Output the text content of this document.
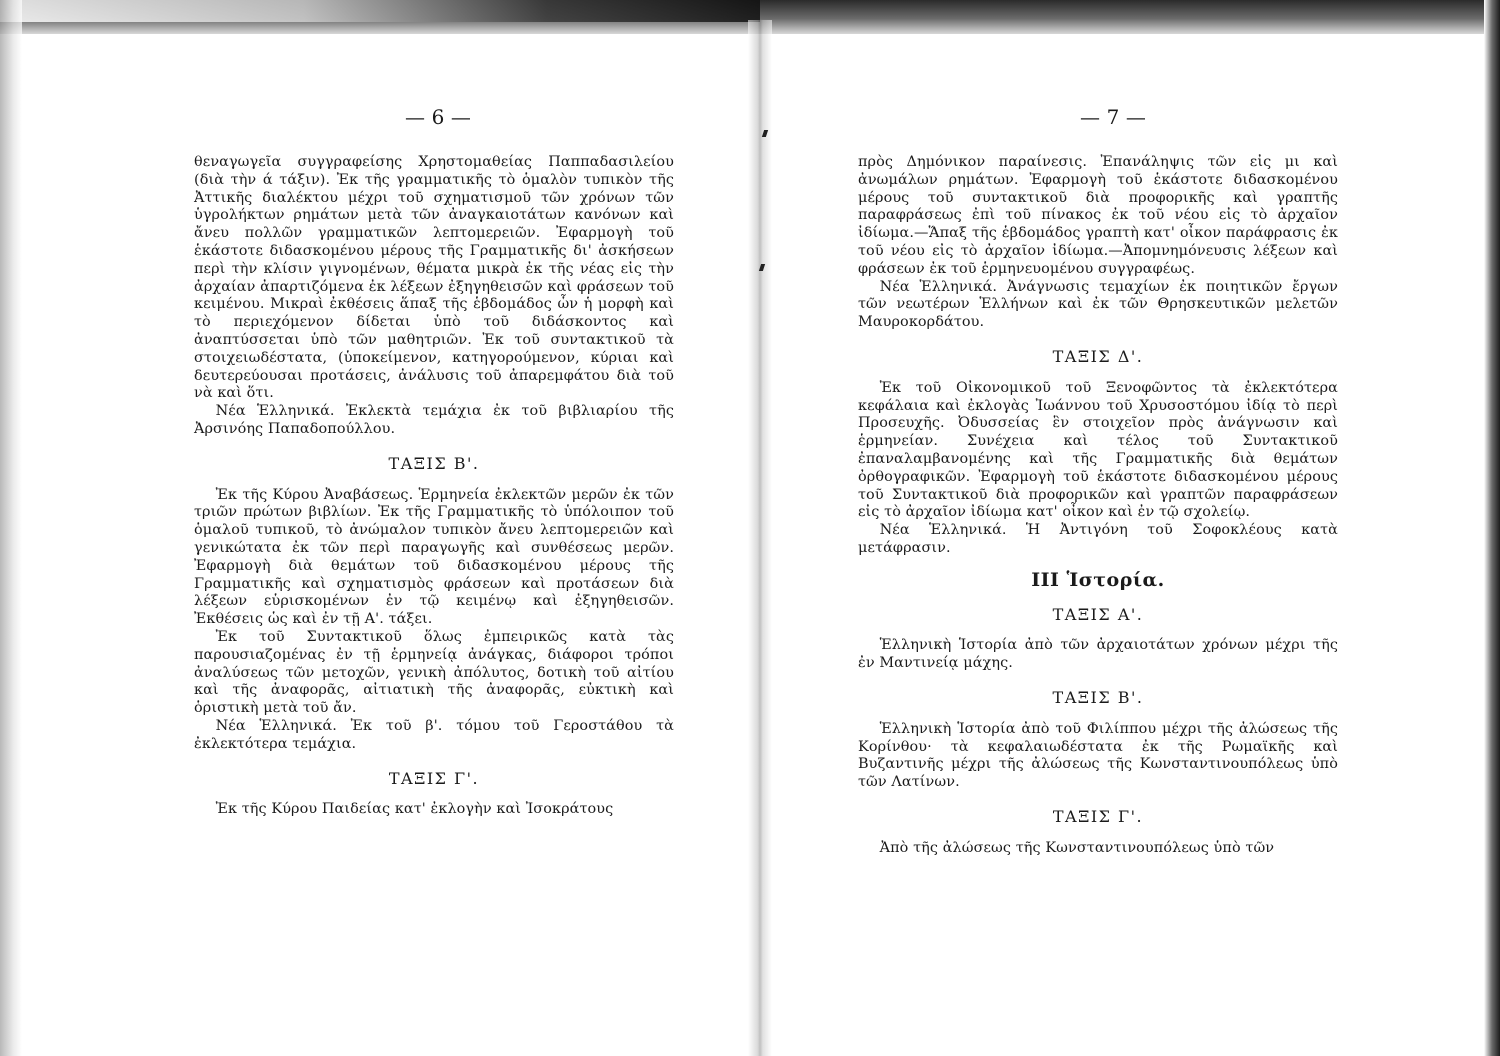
— 6 —

θεναγωγεῖα συγγραφείσης Χρηστομαθείας Παππαδασιλείου (διὰ τὴν ά τάξιν). Ἐκ τῆς γραμματικῆς τὸ ὁμαλὸν τυπικὸν τῆς Ἀττικῆς διαλέκτου μέχρι τοῦ σχηματισμοῦ τῶν χρόνων τῶν ὑγρολήκτων ρημάτων μετὰ τῶν ἀναγκαιοτάτων κανόνων καὶ ἄνευ πολλῶν γραμματικῶν λεπτομερειῶν. Ἐφαρμογὴ τοῦ ἑκάστοτε διδασκομένου μέρους τῆς Γραμματικῆς δι' ἀσκήσεων περὶ τὴν κλίσιν γιγνομένων, θέματα μικρὰ ἐκ τῆς νέας εἰς τὴν ἀρχαίαν ἀπαρτιζόμενα ἐκ λέξεων ἐξηγηθεισῶν καὶ φράσεων τοῦ κειμένου. Μικραὶ ἐκθέσεις ἅπαξ τῆς ἑβδομάδος ὧν ἡ μορφὴ καὶ τὸ περιεχόμενον δίδεται ὑπὸ τοῦ διδάσκοντος καὶ ἀναπτύσσεται ὑπὸ τῶν μαθητριῶν. Ἐκ τοῦ συντακτικοῦ τὰ στοιχειωδέστατα, (ὑποκείμενον, κατηγορούμενον, κύριαι καὶ δευτερεύουσαι προτάσεις, ἀνάλυσις τοῦ ἀπαρεμφάτου διὰ τοῦ νὰ καὶ ὅτι.

Νέα Ἑλληνικά. Ἐκλεκτὰ τεμάχια ἐκ τοῦ βιβλιαρίου τῆς Ἀρσινόης Παπαδοπούλλου.

ΤΑΞΙΣ Β'.

Ἐκ τῆς Κύρου Ἀναβάσεως. Ἑρμηνεία ἐκλεκτῶν μερῶν ἐκ τῶν τριῶν πρώτων βιβλίων. Ἐκ τῆς Γραμματικῆς τὸ ὑπόλοιπον τοῦ ὁμαλοῦ τυπικοῦ, τὸ ἀνώμαλον τυπικὸν ἄνευ λεπτομερειῶν καὶ γενικώτατα ἐκ τῶν περὶ παραγωγῆς καὶ συνθέσεως μερῶν. Ἐφαρμογὴ διὰ θεμάτων τοῦ διδασκομένου μέρους τῆς Γραμματικῆς καὶ σχηματισμὸς φράσεων καὶ προτάσεων διὰ λέξεων εὑρισκομένων ἐν τῷ κειμένῳ καὶ ἐξηγηθεισῶν. Ἐκθέσεις ὡς καὶ ἐν τῇ Α'. τάξει.

Ἐκ τοῦ Συντακτικοῦ ὅλως ἐμπειρικῶς κατὰ τὰς παρουσιαζομένας ἐν τῇ ἑρμηνείᾳ ἀνάγκας, διάφοροι τρόποι ἀναλύσεως τῶν μετοχῶν, γενικὴ ἀπόλυτος, δοτικὴ τοῦ αἰτίου καὶ τῆς ἀναφορᾶς, αἰτιατικὴ τῆς ἀναφορᾶς, εὐκτικὴ καὶ ὁριστικὴ μετὰ τοῦ ἄν.

Νέα Ἑλληνικά. Ἐκ τοῦ β'. τόμου τοῦ Γεροστάθου τὰ ἐκλεκτότερα τεμάχια.

ΤΑΞΙΣ Γ'.

Ἐκ τῆς Κύρου Παιδείας κατ' ἐκλογὴν καὶ Ἰσοκράτους

— 7 —

πρὸς Δημόνικον παραίνεσις. Ἐπανάληψις τῶν εἰς μι καὶ ἀνωμάλων ρημάτων. Ἐφαρμογὴ τοῦ ἑκάστοτε διδασκομένου μέρους τοῦ συντακτικοῦ διὰ προφορικῆς καὶ γραπτῆς παραφράσεως ἐπὶ τοῦ πίνακος ἐκ τοῦ νέου εἰς τὸ ἀρχαῖον ἰδίωμα.—Ἅπαξ τῆς ἑβδομάδος γραπτὴ κατ' οἶκον παράφρασις ἐκ τοῦ νέου εἰς τὸ ἀρχαῖον ἰδίωμα.—Ἀπομνημόνευσις λέξεων καὶ φράσεων ἐκ τοῦ ἑρμηνευομένου συγγραφέως.

Νέα Ἑλληνικά. Ἀνάγνωσις τεμαχίων ἐκ ποιητικῶν ἔργων τῶν νεωτέρων Ἑλλήνων καὶ ἐκ τῶν Θρησκευτικῶν μελετῶν Μαυροκορδάτου.

ΤΑΞΙΣ Δ'.

Ἐκ τοῦ Οἰκονομικοῦ τοῦ Ξενοφῶντος τὰ ἐκλεκτότερα κεφάλαια καὶ ἐκλογὰς Ἰωάννου τοῦ Χρυσοστόμου ἰδίᾳ τὸ περὶ Προσευχῆς. Ὀδυσσείας ἓν στοιχεῖον πρὸς ἀνάγνωσιν καὶ ἑρμηνείαν. Συνέχεια καὶ τέλος τοῦ Συντακτικοῦ ἐπαναλαμβανομένης καὶ τῆς Γραμματικῆς διὰ θεμάτων ὀρθογραφικῶν. Ἐφαρμογὴ τοῦ ἑκάστοτε διδασκομένου μέρους τοῦ Συντακτικοῦ διὰ προφορικῶν καὶ γραπτῶν παραφράσεων εἰς τὸ ἀρχαῖον ἰδίωμα κατ' οἶκον καὶ ἐν τῷ σχολείῳ.

Νέα Ἑλληνικά. Ἡ Ἀντιγόνη τοῦ Σοφοκλέους κατὰ μετάφρασιν.

III Ἱστορία.
ΤΑΞΙΣ Α'.

Ἑλληνικὴ Ἱστορία ἀπὸ τῶν ἀρχαιοτάτων χρόνων μέχρι τῆς ἐν Μαντινείᾳ μάχης.

ΤΑΞΙΣ Β'.

Ἑλληνικὴ Ἱστορία ἀπὸ τοῦ Φιλίππου μέχρι τῆς ἀλώσεως τῆς Κορίνθου· τὰ κεφαλαιωδέστατα ἐκ τῆς Ρωμαϊκῆς καὶ Βυζαντινῆς μέχρι τῆς ἀλώσεως τῆς Κωνσταντινουπόλεως ὑπὸ τῶν Λατίνων.

ΤΑΞΙΣ Γ'.

Ἀπὸ τῆς ἀλώσεως τῆς Κωνσταντινουπόλεως ὑπὸ τῶν
